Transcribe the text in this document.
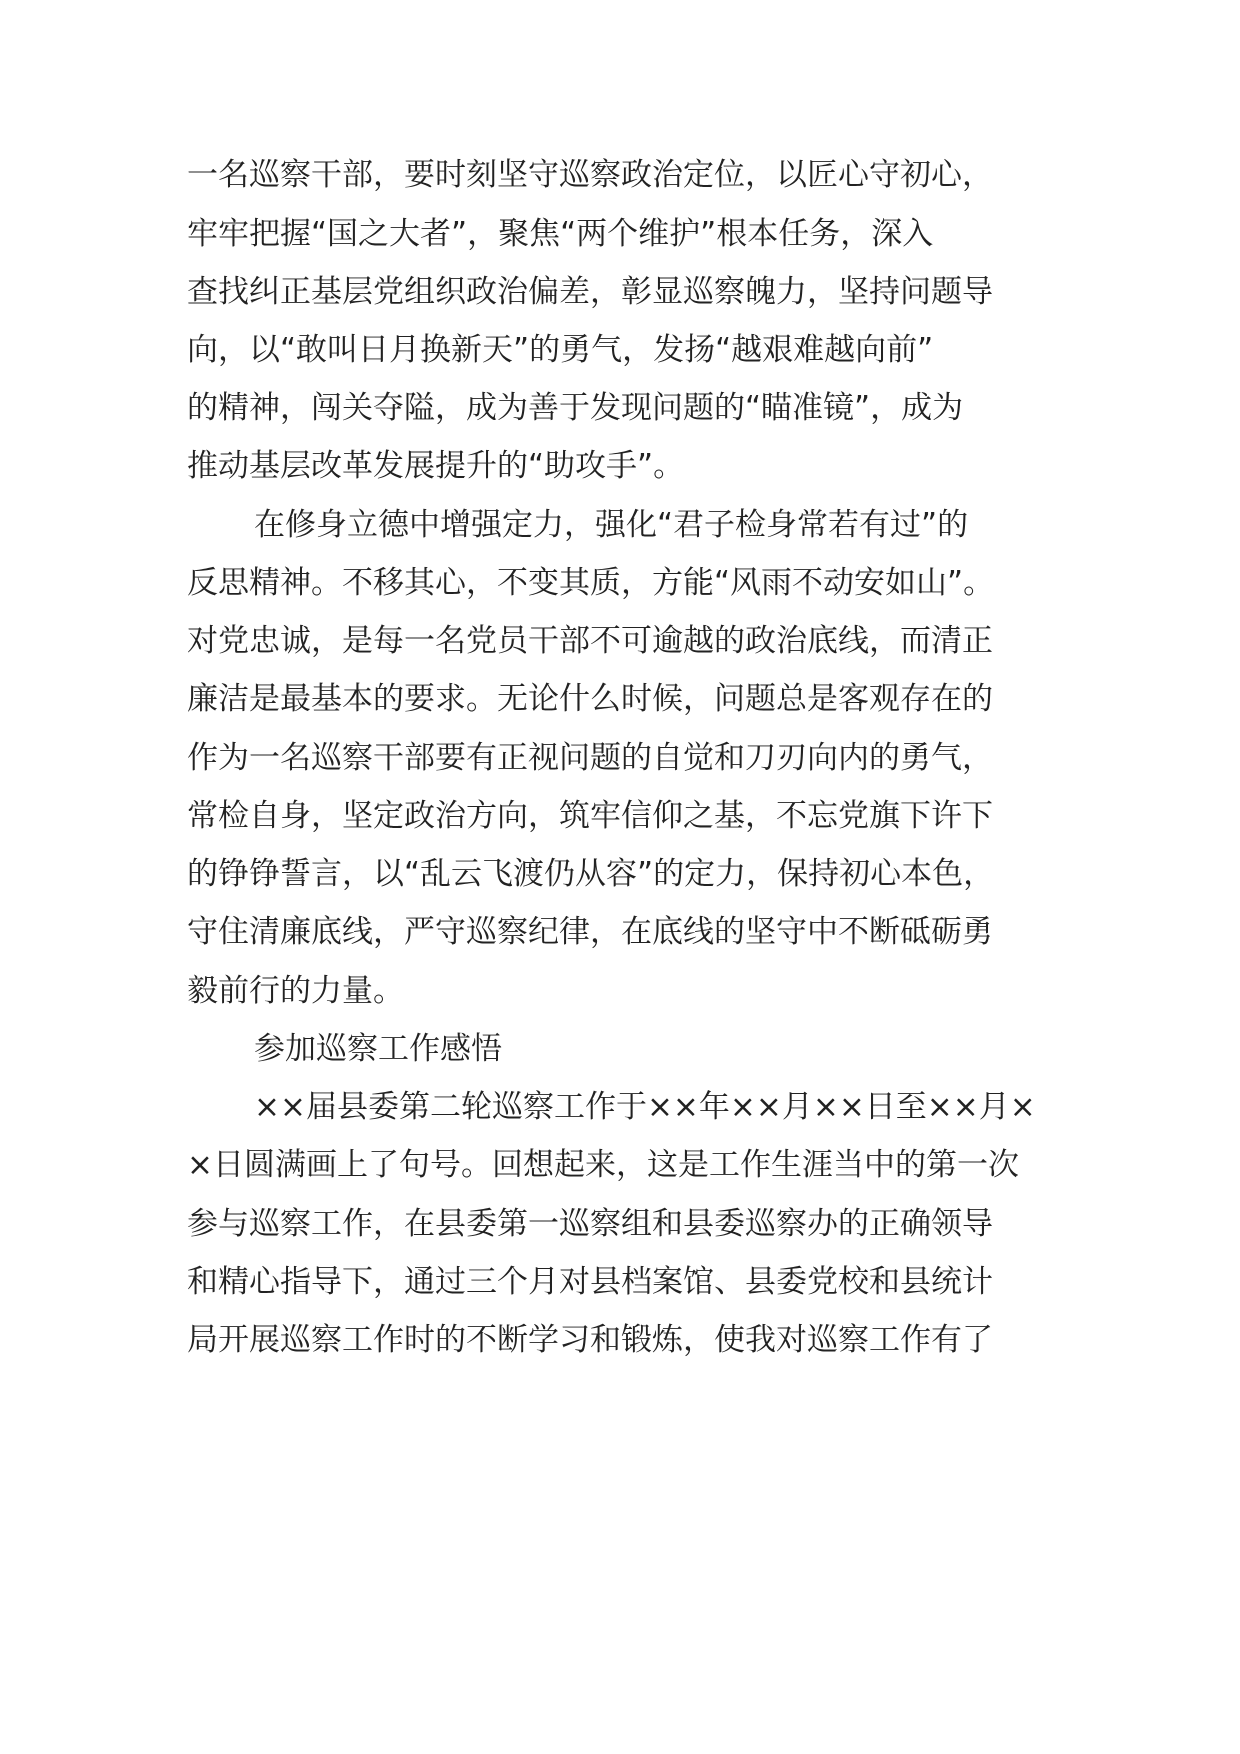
一名巡察干部，要时刻坚守巡察政治定位，以匠心守初心，
牢牢把握“国之大者”，聚焦“两个维护”根本任务，深入
查找纠正基层党组织政治偏差，彰显巡察魄力，坚持问题导
向，以“敢叫日月换新天”的勇气，发扬“越艰难越向前”
的精神，闯关夺隘，成为善于发现问题的“瞄准镜”，成为
推动基层改革发展提升的“助攻手”。
在修身立德中增强定力，强化“君子检身常若有过”的
反思精神。不移其心，不变其质，方能“风雨不动安如山”。
对党忠诚，是每一名党员干部不可逾越的政治底线，而清正
廉洁是最基本的要求。无论什么时候，问题总是客观存在的
作为一名巡察干部要有正视问题的自觉和刀刃向内的勇气，
常检自身，坚定政治方向，筑牢信仰之基，不忘党旗下许下
的铮铮誓言，以“乱云飞渡仍从容”的定力，保持初心本色，
守住清廉底线，严守巡察纪律，在底线的坚守中不断砥砺勇
毅前行的力量。
参加巡察工作感悟
××届县委第二轮巡察工作于××年××月××日至××月×
×日圆满画上了句号。回想起来，这是工作生涯当中的第一次
参与巡察工作，在县委第一巡察组和县委巡察办的正确领导
和精心指导下，通过三个月对县档案馆、县委党校和县统计
局开展巡察工作时的不断学习和锻炼，使我对巡察工作有了
